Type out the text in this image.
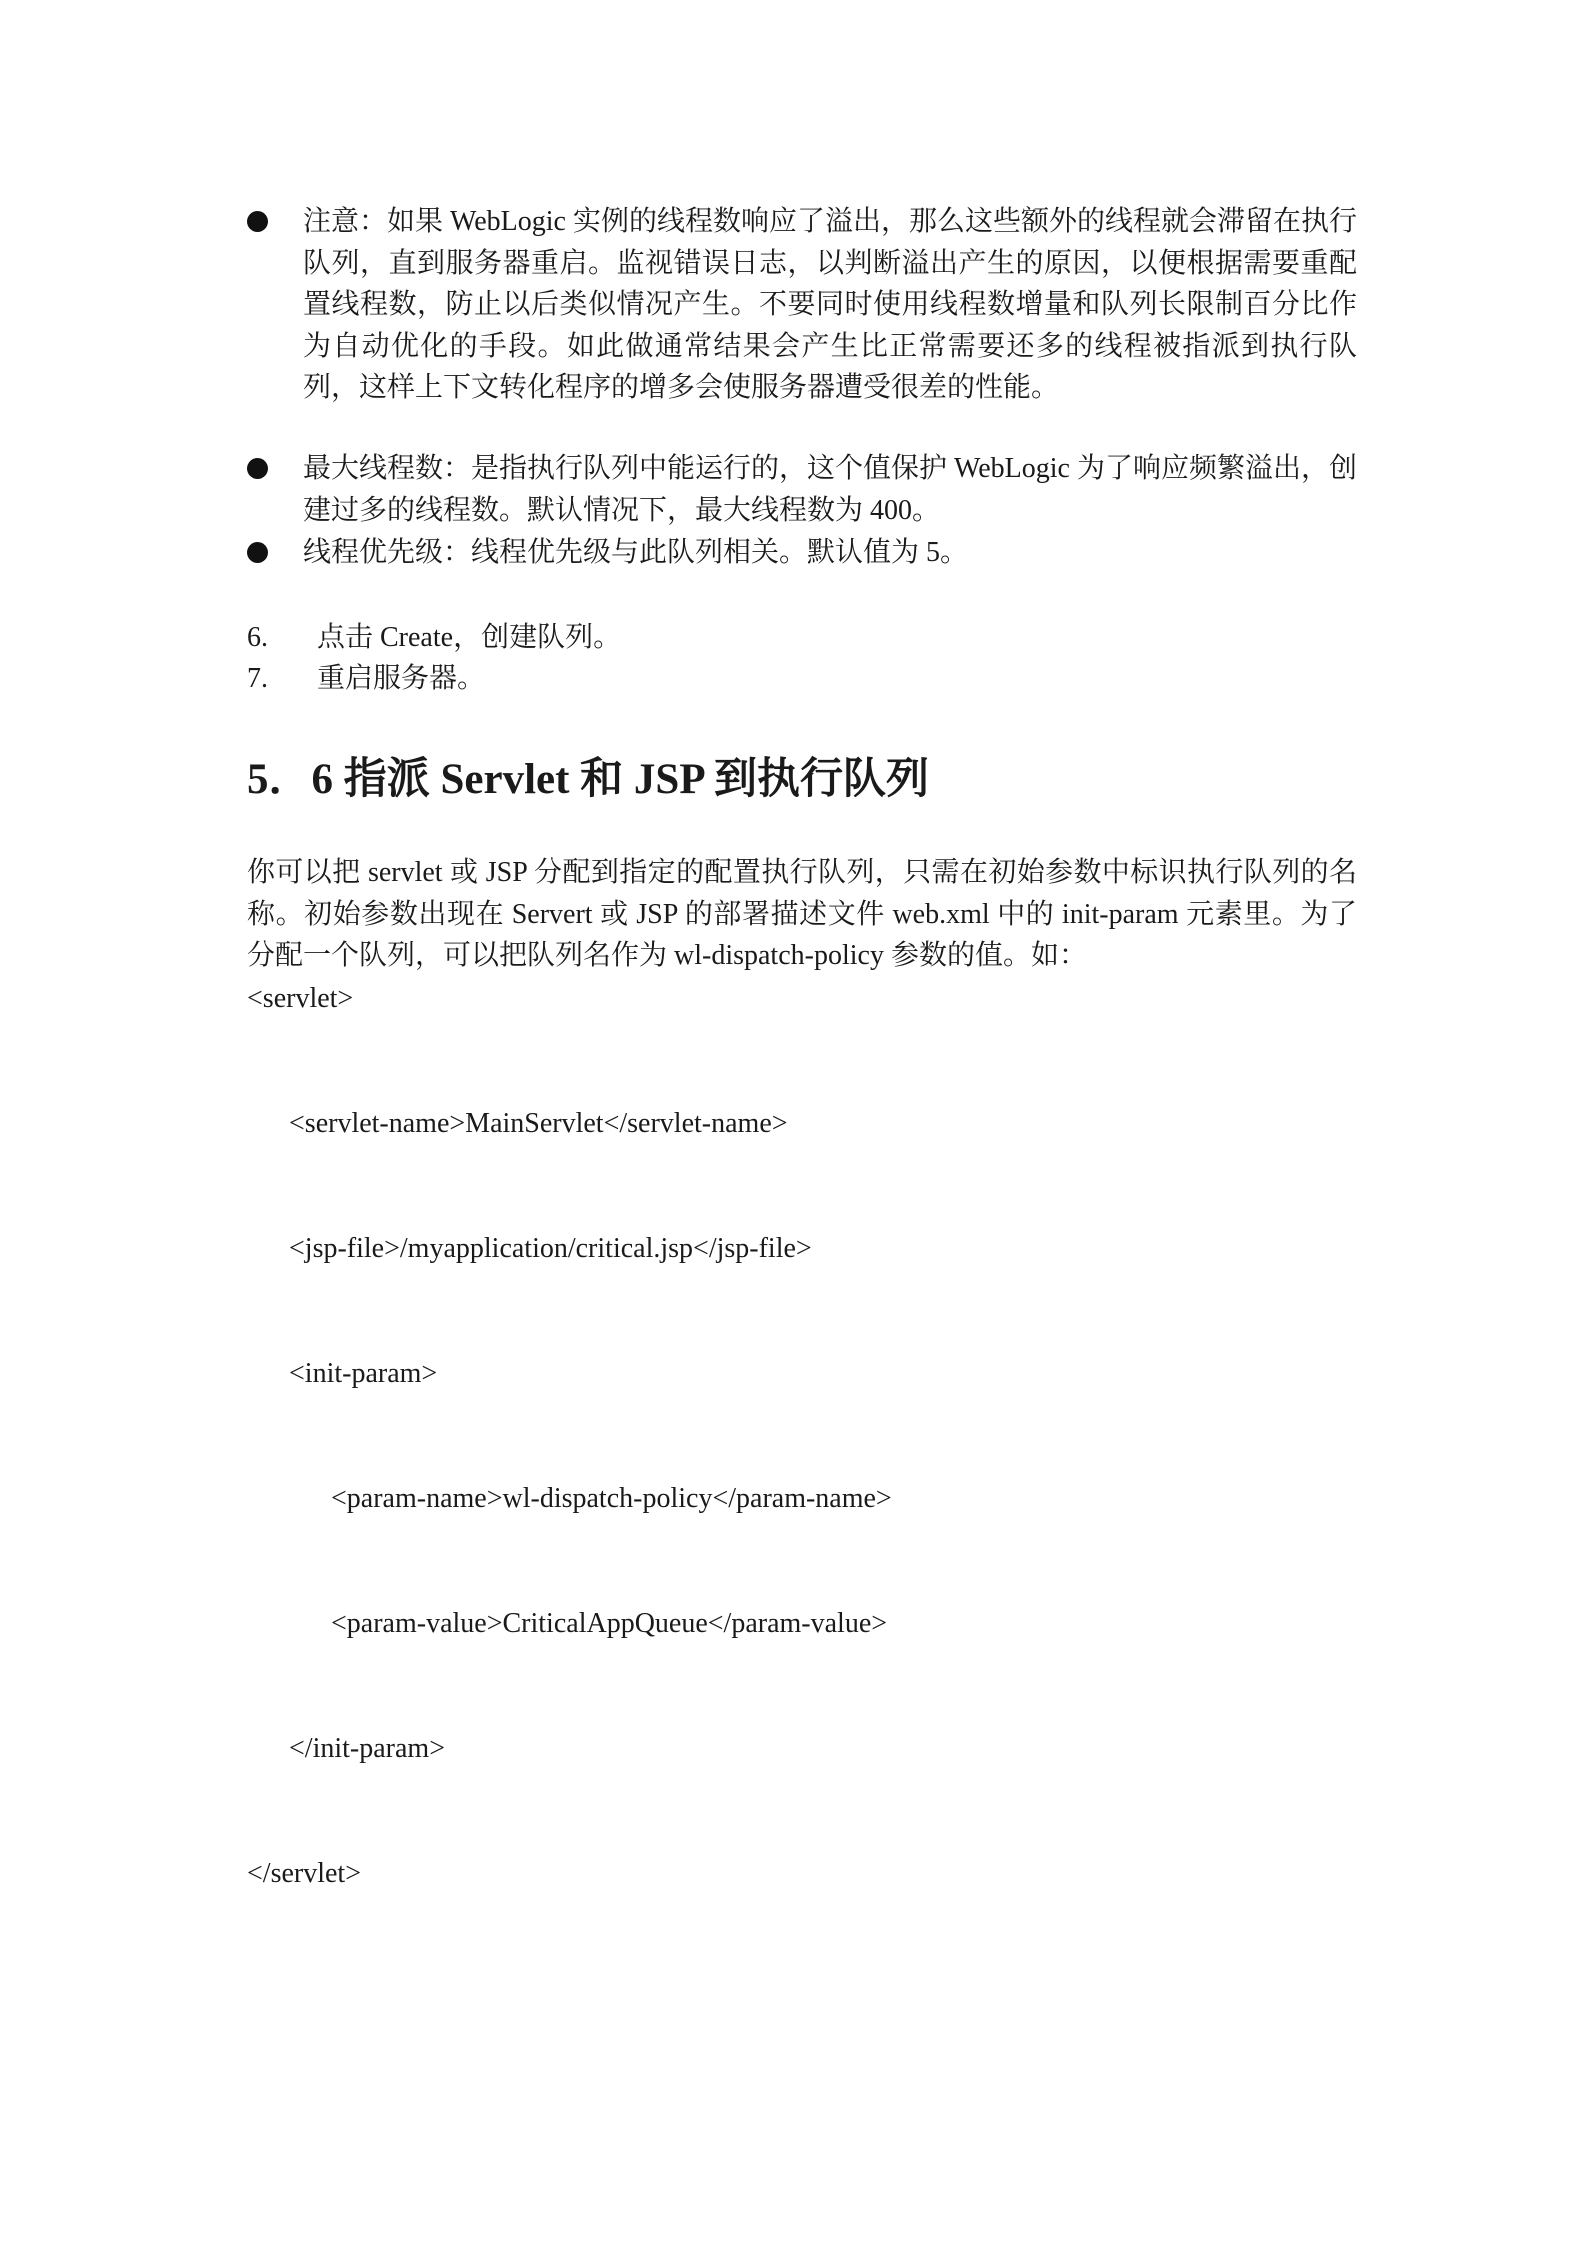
注意：如果 WebLogic 实例的线程数响应了溢出，那么这些额外的线程就会滞留在执行队列，直到服务器重启。监视错误日志，以判断溢出产生的原因，以便根据需要重配置线程数，防止以后类似情况产生。不要同时使用线程数增量和队列长限制百分比作为自动优化的手段。如此做通常结果会产生比正常需要还多的线程被指派到执行队列，这样上下文转化程序的增多会使服务器遭受很差的性能。
最大线程数：是指执行队列中能运行的，这个值保护 WebLogic 为了响应频繁溢出，创建过多的线程数。默认情况下，最大线程数为 400。
线程优先级：线程优先级与此队列相关。默认值为 5。
6. 点击 Create，创建队列。
7. 重启服务器。
5．6 指派 Servlet 和 JSP 到执行队列
你可以把 servlet 或 JSP 分配到指定的配置执行队列，只需在初始参数中标识执行队列的名称。初始参数出现在 Servert 或 JSP 的部署描述文件 web.xml 中的 init-param 元素里。为了分配一个队列，可以把队列名作为 wl-dispatch-policy 参数的值。如：
<servlet>
<servlet-name>MainServlet</servlet-name>
<jsp-file>/myapplication/critical.jsp</jsp-file>
<init-param>
<param-name>wl-dispatch-policy</param-name>
<param-value>CriticalAppQueue</param-value>
</init-param>
</servlet>
